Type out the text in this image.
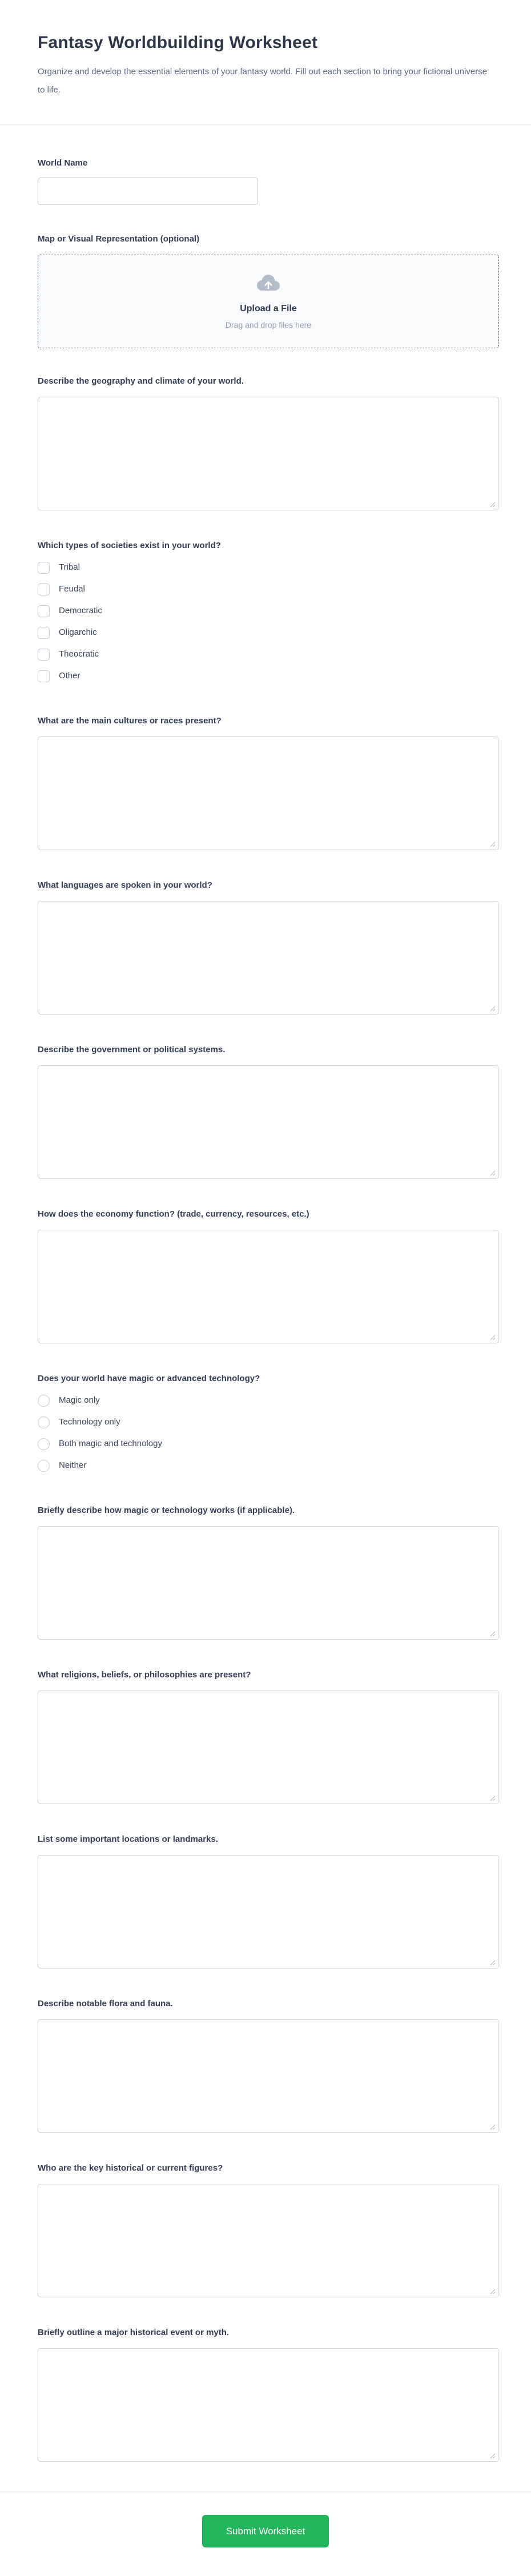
Fantasy Worldbuilding Worksheet

Organize and develop the essential elements of your fantasy world. Fill out each section to bring your fictional universe to life.

World Name
Map or Visual Representation (optional)
Upload a File
Drag and drop files here
Describe the geography and climate of your world.
Which types of societies exist in your world?
Tribal
Feudal
Democratic
Oligarchic
Theocratic
Other
What are the main cultures or races present?
What languages are spoken in your world?
Describe the government or political systems.
How does the economy function? (trade, currency, resources, etc.)
Does your world have magic or advanced technology?
Magic only
Technology only
Both magic and technology
Neither
Briefly describe how magic or technology works (if applicable).
What religions, beliefs, or philosophies are present?
List some important locations or landmarks.
Describe notable flora and fauna.
Who are the key historical or current figures?
Briefly outline a major historical event or myth.
Submit Worksheet
